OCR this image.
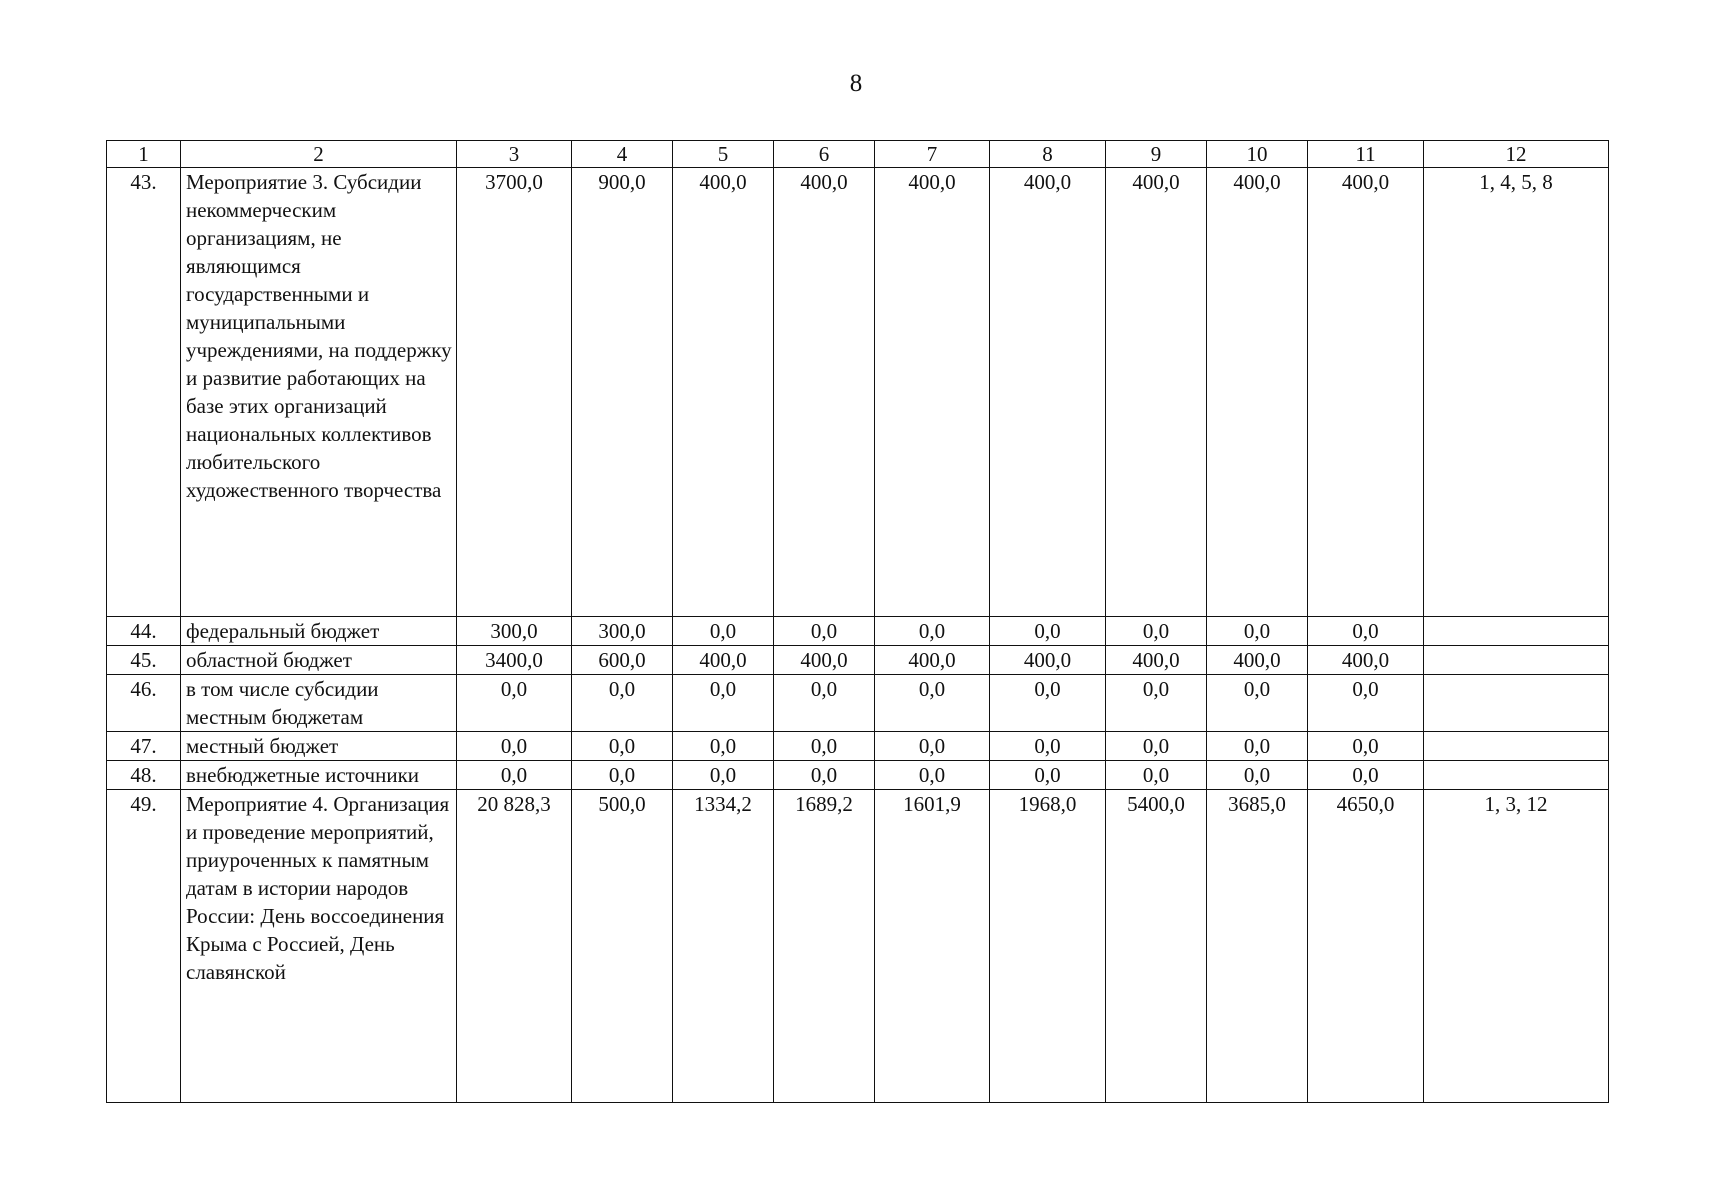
8
1	2	3	4	5	6	7	8	9	10	11	12
43.	Мероприятие 3. Субсидии некоммерческим организациям, не являющимся государственными и муниципальными учреждениями, на поддержку и развитие работающих на базе этих организаций национальных коллективов любительского художественного творчества	3700,0	900,0	400,0	400,0	400,0	400,0	400,0	400,0	400,0	1, 4, 5, 8
44.	федеральный бюджет	300,0	300,0	0,0	0,0	0,0	0,0	0,0	0,0	0,0	
45.	областной бюджет	3400,0	600,0	400,0	400,0	400,0	400,0	400,0	400,0	400,0	
46.	в том числе субсидии местным бюджетам	0,0	0,0	0,0	0,0	0,0	0,0	0,0	0,0	0,0	
47.	местный бюджет	0,0	0,0	0,0	0,0	0,0	0,0	0,0	0,0	0,0	
48.	внебюджетные источники	0,0	0,0	0,0	0,0	0,0	0,0	0,0	0,0	0,0	
49.	Мероприятие 4. Организация и проведение мероприятий, приуроченных к памятным датам в истории народов России: День воссоединения Крыма с Россией, День славянской	20 828,3	500,0	1334,2	1689,2	1601,9	1968,0	5400,0	3685,0	4650,0	1, 3, 12
